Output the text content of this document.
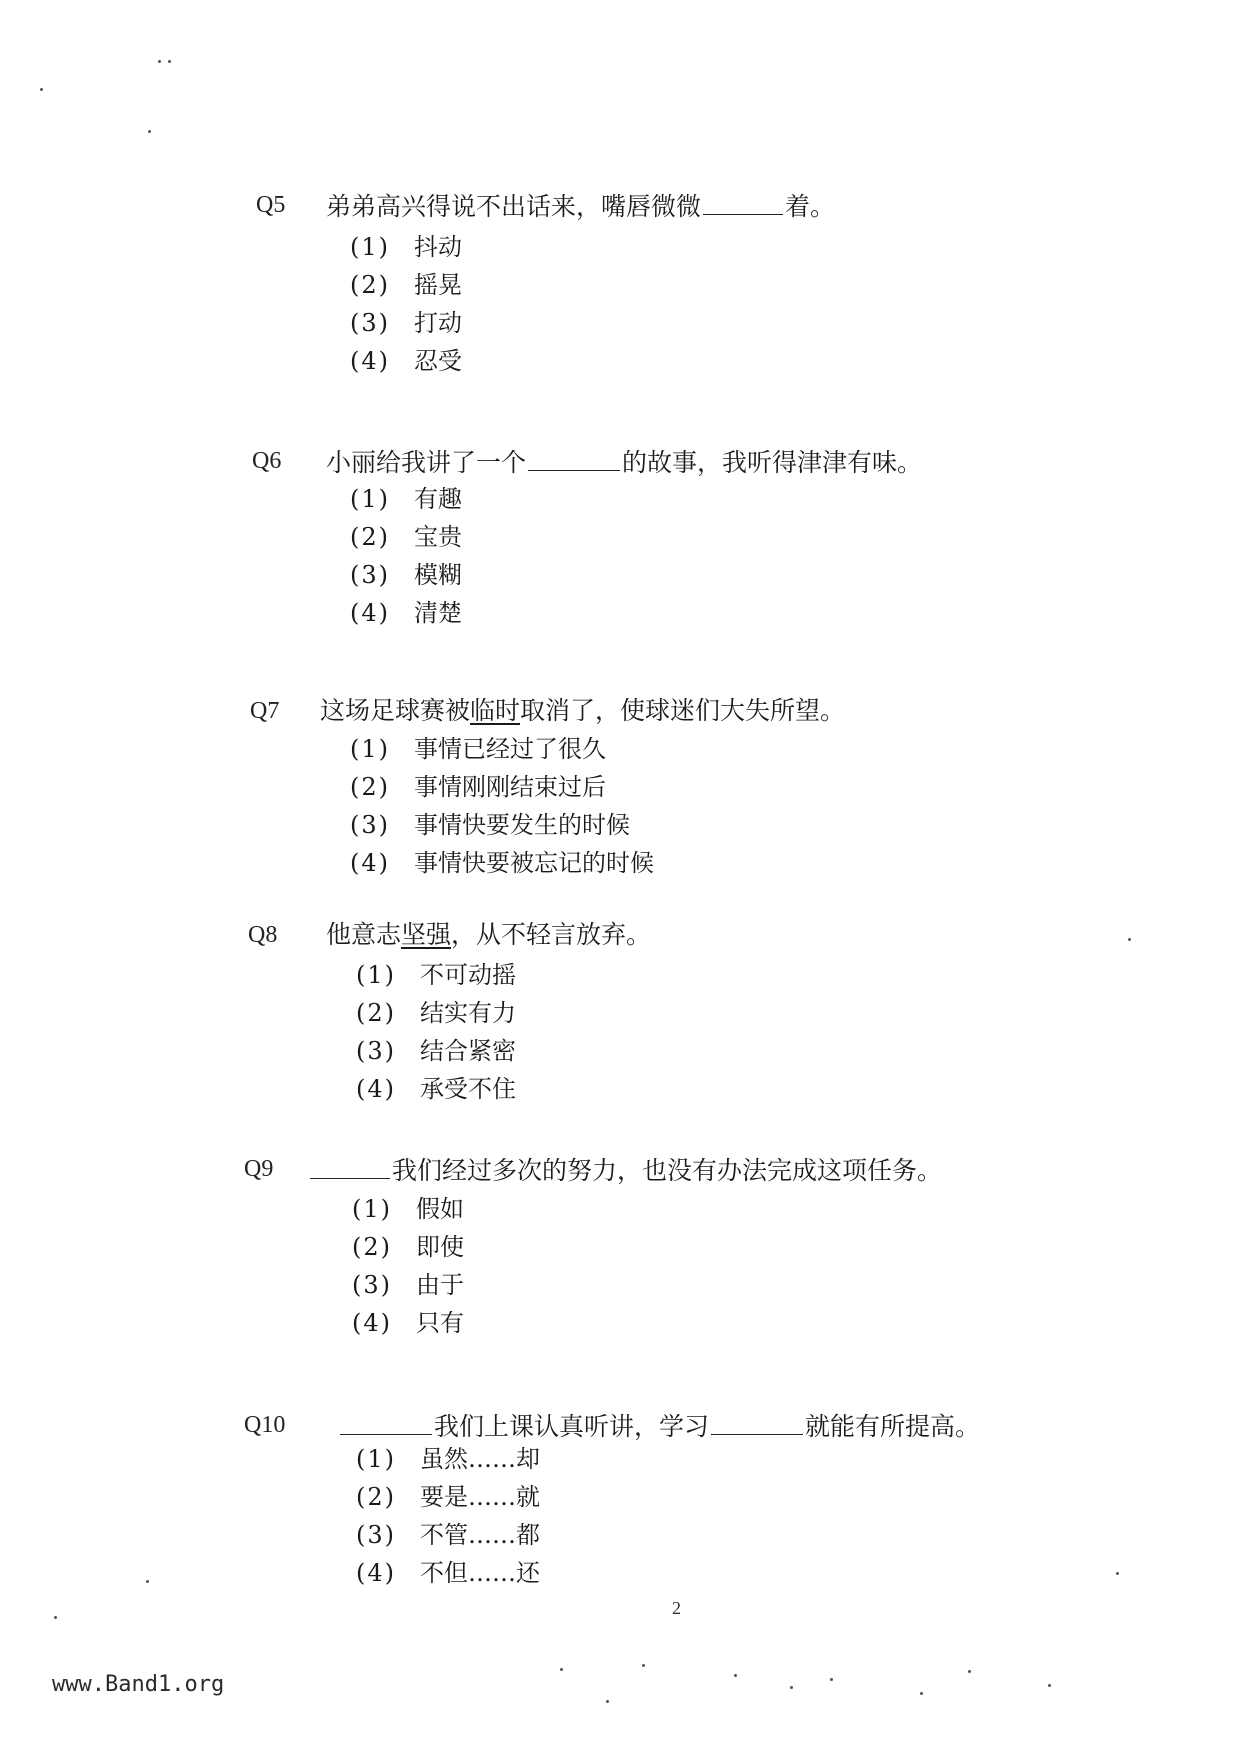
Q5 弟弟高兴得说不出话来，嘴唇微微	着。
(1) 抖动
(2) 摇晃
(3) 打动
(4) 忍受
Q6 小丽给我讲了一个	的故事，我听得津津有味。
(1) 有趣
(2) 宝贵
(3) 模糊
(4) 清楚
Q7 这场足球赛被临时取消了，使球迷们大失所望。
(1) 事情已经过了很久
(2) 事情刚刚结束过后
(3) 事情快要发生的时候
(4) 事情快要被忘记的时候
Q8 他意志坚强，从不轻言放弃。
(1) 不可动摇
(2) 结实有力
(3) 结合紧密
(4) 承受不住
Q9	我们经过多次的努力，也没有办法完成这项任务。
(1) 假如
(2) 即使
(3) 由于
(4) 只有
Q10	我们上课认真听讲，学习	就能有所提高。
(1) 虽然……却
(2) 要是……就
(3) 不管……都
(4) 不但……还
2
www.Band1.org
